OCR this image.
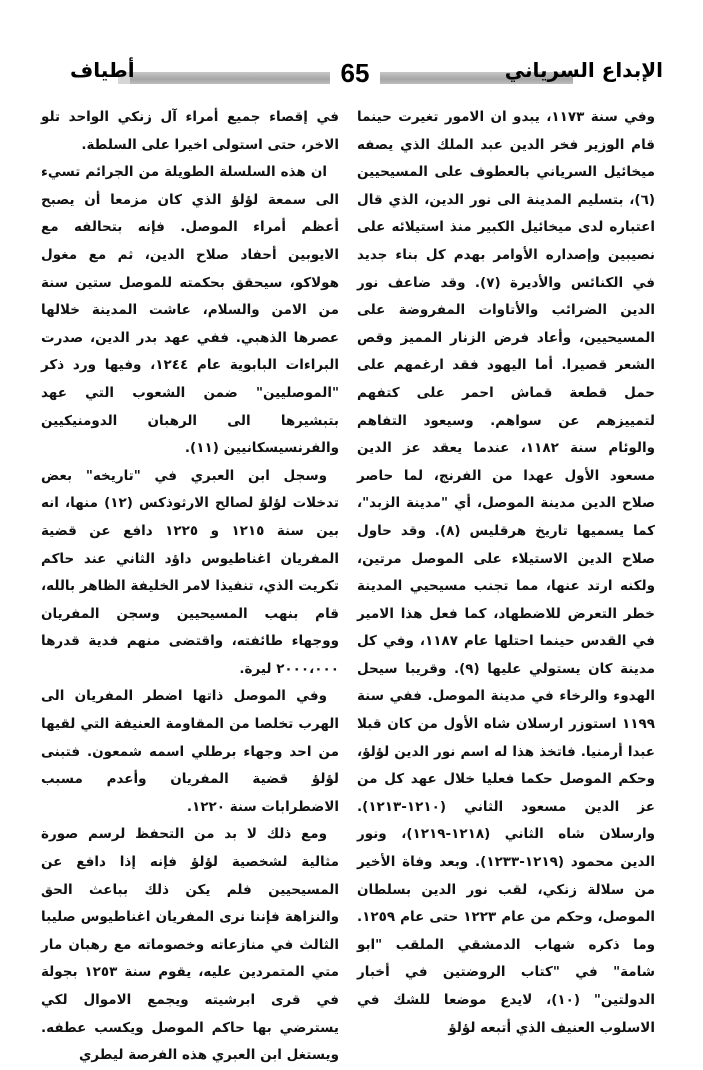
الإبداع السرياني
65
أطياف

وفي سنة ١١٧٣، يبدو ان الامور تغيرت حينما قام الوزير فخر الدين عبد الملك الذي يصفه ميخائيل السرياني بالعطوف على المسيحيين (٦)، بتسليم المدينة الى نور الدين، الذي قال اعتباره لدى ميخائيل الكبير منذ استيلائه على نصيبين وإصداره الأوامر بهدم كل بناء جديد في الكنائس والأديرة (٧). وقد ضاعف نور الدين الضرائب والأتاوات المفروضة على المسيحيين، وأعاد فرض الزنار المميز وقص الشعر قصيرا. أما اليهود فقد ارغمهم على حمل قطعة قماش احمر على كتفهم لتمييزهم عن سواهم. وسيعود التفاهم والوئام سنة ١١٨٢، عندما يعقد عز الدين مسعود الأول عهدا من الفرنج، لما حاصر صلاح الدين مدينة الموصل، أي "مدينة الزبد"، كما يسميها تاريخ هرقليس (٨). وقد حاول صلاح الدين الاستيلاء على الموصل مرتين، ولكنه ارتد عنها، مما تجنب مسيحيي المدينة خطر التعرض للاضطهاد، كما فعل هذا الامير في القدس حينما احتلها عام ١١٨٧، وفي كل مدينة كان يستولي عليها (٩). وقريبا سيحل الهدوء والرخاء في مدينة الموصل. ففي سنة ١١٩٩ استوزر ارسلان شاه الأول من كان قبلا عبدا أرمنيا. فاتخذ هذا له اسم نور الدين لؤلؤ، وحكم الموصل حكما فعليا خلال عهد كل من عز الدين مسعود الثاني (١٢١٠-١٢١٣). وارسلان شاه الثاني (١٢١٨-١٢١٩)، ونور الدين محمود (١٢١٩-١٢٣٣). وبعد وفاة الأخير من سلالة زنكي، لقب نور الدين بسلطان الموصل، وحكم من عام ١٢٢٣ حتى عام ١٢٥٩. وما ذكره شهاب الدمشقي الملقب "ابو شامة" في "كتاب الروضتين في أخبار الدولتين" (١٠)، لايدع موضعا للشك في الاسلوب العنيف الذي أتبعه لؤلؤ

في إقصاء جميع أمراء آل زنكي الواحد تلو الاخر، حتى استولى اخيرا على السلطة.

ان هذه السلسلة الطويلة من الجرائم تسيء الى سمعة لؤلؤ الذي كان مزمعا أن يصبح أعظم أمراء الموصل. فإنه بتحالفه مع الايوبين أحفاد صلاح الدين، ثم مع مغول هولاكو، سيحقق بحكمته للموصل ستين سنة من الامن والسلام، عاشت المدينة خلالها عصرها الذهبي. ففي عهد بدر الدين، صدرت البراءات البابوية عام ١٢٤٤، وفيها ورد ذكر "الموصليين" ضمن الشعوب التي عهد بتبشيرها الى الرهبان الدومنيكيين والفرنسيسكانيين (١١).

وسجل ابن العبري في "تاريخه" بعض تدخلات لؤلؤ لصالح الارثوذكس (١٢) منها، انه بين سنة ١٢١٥ و ١٢٢٥ دافع عن قضية المفريان اغناطيوس داؤد الثاني عند حاكم تكريت الذي، تنفيذا لامر الخليفة الظاهر بالله، قام بنهب المسيحيين وسجن المفريان ووجهاء طائفته، واقتضى منهم فدية قدرها ٢٠٠٠،٠٠٠ ليرة.

وفي الموصل ذاتها اضطر المفريان الى الهرب تخلصا من المقاومة العنيفة التي لقيها من احد وجهاء برطلي اسمه شمعون. فتبنى لؤلؤ قضية المفريان وأعدم مسبب الاضطرابات سنة ١٢٢٠.

ومع ذلك لا بد من التحفظ لرسم صورة مثالية لشخصية لؤلؤ فإنه إذا دافع عن المسيحيين فلم يكن ذلك بباعث الحق والنزاهة فإننا نرى المفريان اغناطيوس صليبا الثالث في منازعاته وخصوماته مع رهبان مار متي المتمردين عليه، يقوم سنة ١٢٥٣ بجولة في قرى ابرشيته ويجمع الاموال لكي يسترضي بها حاكم الموصل ويكسب عطفه. ويستغل ابن العبري هذه الفرصة ليطري
